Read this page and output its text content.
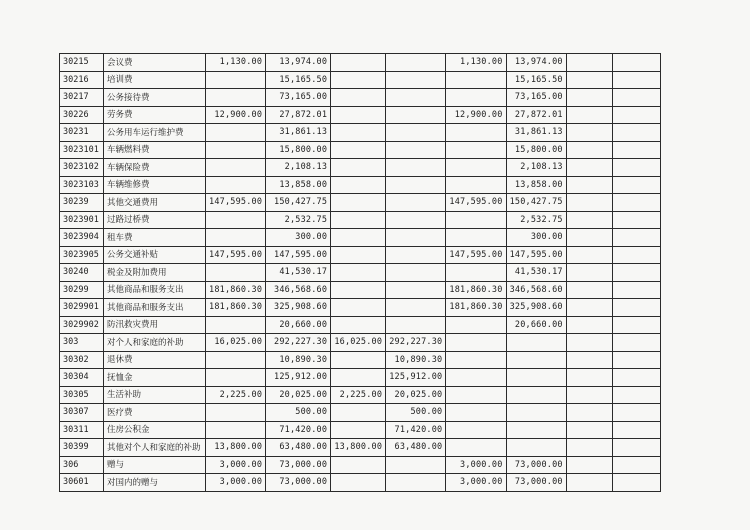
30215	会议费	1,130.00	13,974.00			1,130.00	13,974.00		
30216	培训费		15,165.50				15,165.50		
30217	公务接待费		73,165.00				73,165.00		
30226	劳务费	12,900.00	27,872.01			12,900.00	27,872.01		
30231	公务用车运行维护费		31,861.13				31,861.13		
3023101	车辆燃料费		15,800.00				15,800.00		
3023102	车辆保险费		2,108.13				2,108.13		
3023103	车辆维修费		13,858.00				13,858.00		
30239	其他交通费用	147,595.00	150,427.75			147,595.00	150,427.75		
3023901	过路过桥费		2,532.75				2,532.75		
3023904	租车费		300.00				300.00		
3023905	公务交通补贴	147,595.00	147,595.00			147,595.00	147,595.00		
30240	税金及附加费用		41,530.17				41,530.17		
30299	其他商品和服务支出	181,860.30	346,568.60			181,860.30	346,568.60		
3029901	其他商品和服务支出	181,860.30	325,908.60			181,860.30	325,908.60		
3029902	防汛救灾费用		20,660.00				20,660.00		
303	对个人和家庭的补助	16,025.00	292,227.30	16,025.00	292,227.30				
30302	退休费		10,890.30		10,890.30				
30304	抚恤金		125,912.00		125,912.00				
30305	生活补助	2,225.00	20,025.00	2,225.00	20,025.00				
30307	医疗费		500.00		500.00				
30311	住房公积金		71,420.00		71,420.00				
30399	其他对个人和家庭的补助	13,800.00	63,480.00	13,800.00	63,480.00				
306	赠与	3,000.00	73,000.00			3,000.00	73,000.00		
30601	对国内的赠与	3,000.00	73,000.00			3,000.00	73,000.00		
